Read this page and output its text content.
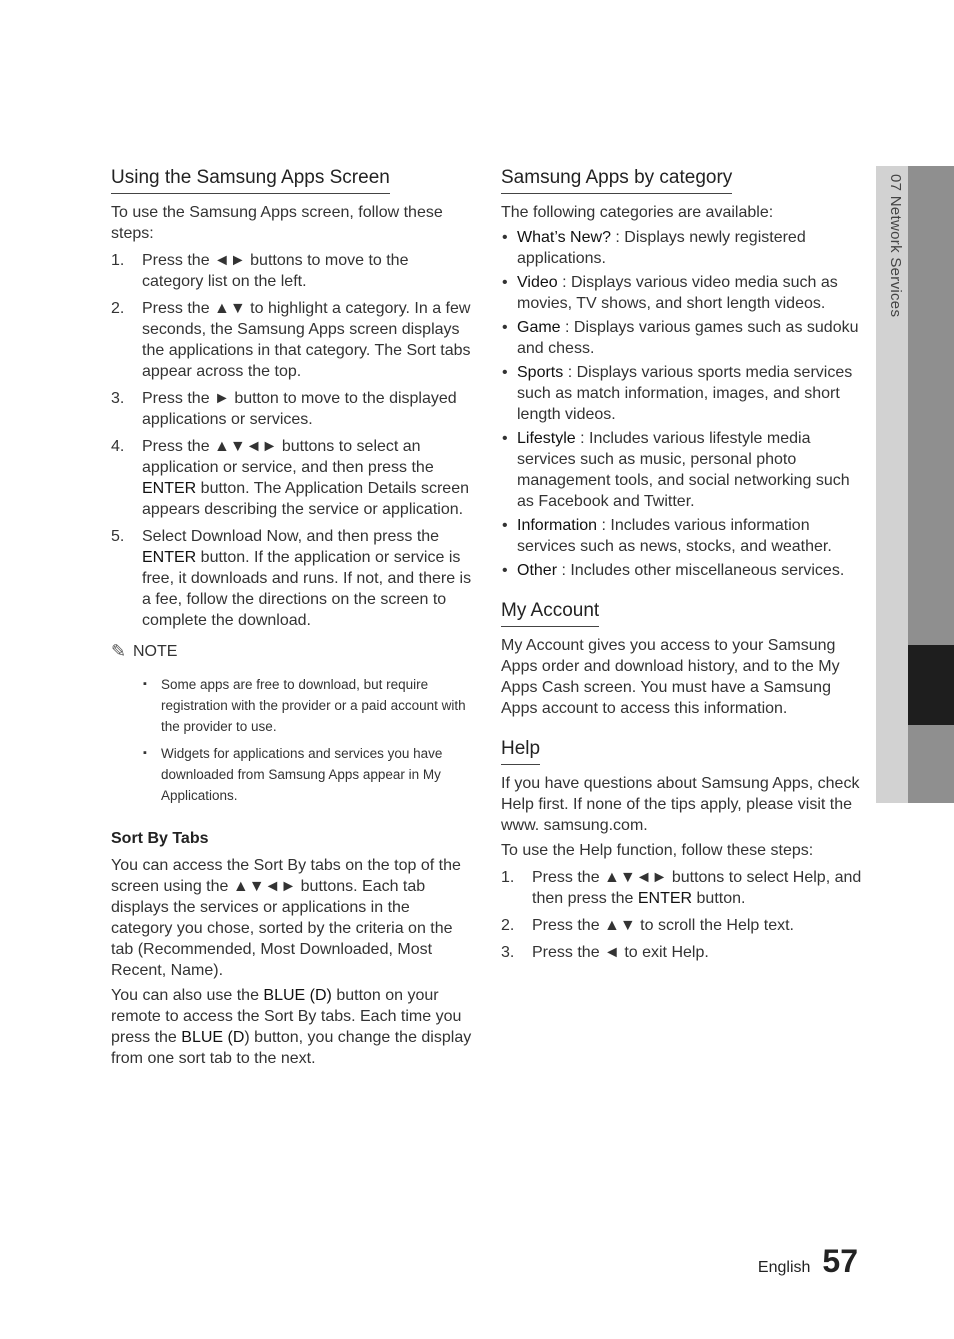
07 Network Services
Using the Samsung Apps Screen

To use the Samsung Apps screen, follow these steps:

1. Press the ◄► buttons to move to the category list on the left.
2. Press the ▲▼ to highlight a category. In a few seconds, the Samsung Apps screen displays the applications in that category. The Sort tabs appear across the top.
3. Press the ► button to move to the displayed applications or services.
4. Press the ▲▼◄► buttons to select an application or service, and then press the ENTER button. The Application Details screen appears describing the service or application.
5. Select Download Now, and then press the ENTER button. If the application or service is free, it downloads and runs. If not, and there is a fee, follow the directions on the screen to complete the download.
✎ NOTE
▪ Some apps are free to download, but require registration with the provider or a paid account with the provider to use.
▪ Widgets for applications and services you have downloaded from Samsung Apps appear in My Applications.
Sort By Tabs

You can access the Sort By tabs on the top of the screen using the ▲▼◄► buttons. Each tab displays the services or applications in the category you chose, sorted by the criteria on the tab (Recommended, Most Downloaded, Most Recent, Name).

You can also use the BLUE (D) button on your remote to access the Sort By tabs. Each time you press the BLUE (D) button, you change the display from one sort tab to the next.

Samsung Apps by category

The following categories are available:

• What’s New? : Displays newly registered applications.
• Video : Displays various video media such as movies, TV shows, and short length videos.
• Game : Displays various games such as sudoku and chess.
• Sports : Displays various sports media services such as match information, images, and short length videos.
• Lifestyle : Includes various lifestyle media services such as music, personal photo management tools, and social networking such as Facebook and Twitter.
• Information : Includes various information services such as news, stocks, and weather.
• Other : Includes other miscellaneous services.
My Account

My Account gives you access to your Samsung Apps order and download history, and to the My Apps Cash screen. You must have a Samsung Apps account to access this information.

Help

If you have questions about Samsung Apps, check Help first. If none of the tips apply, please visit the www. samsung.com.

To use the Help function, follow these steps:

1. Press the ▲▼◄► buttons to select Help, and then press the ENTER button.
2. Press the ▲▼ to scroll the Help text.
3. Press the ◄ to exit Help.
English 57
